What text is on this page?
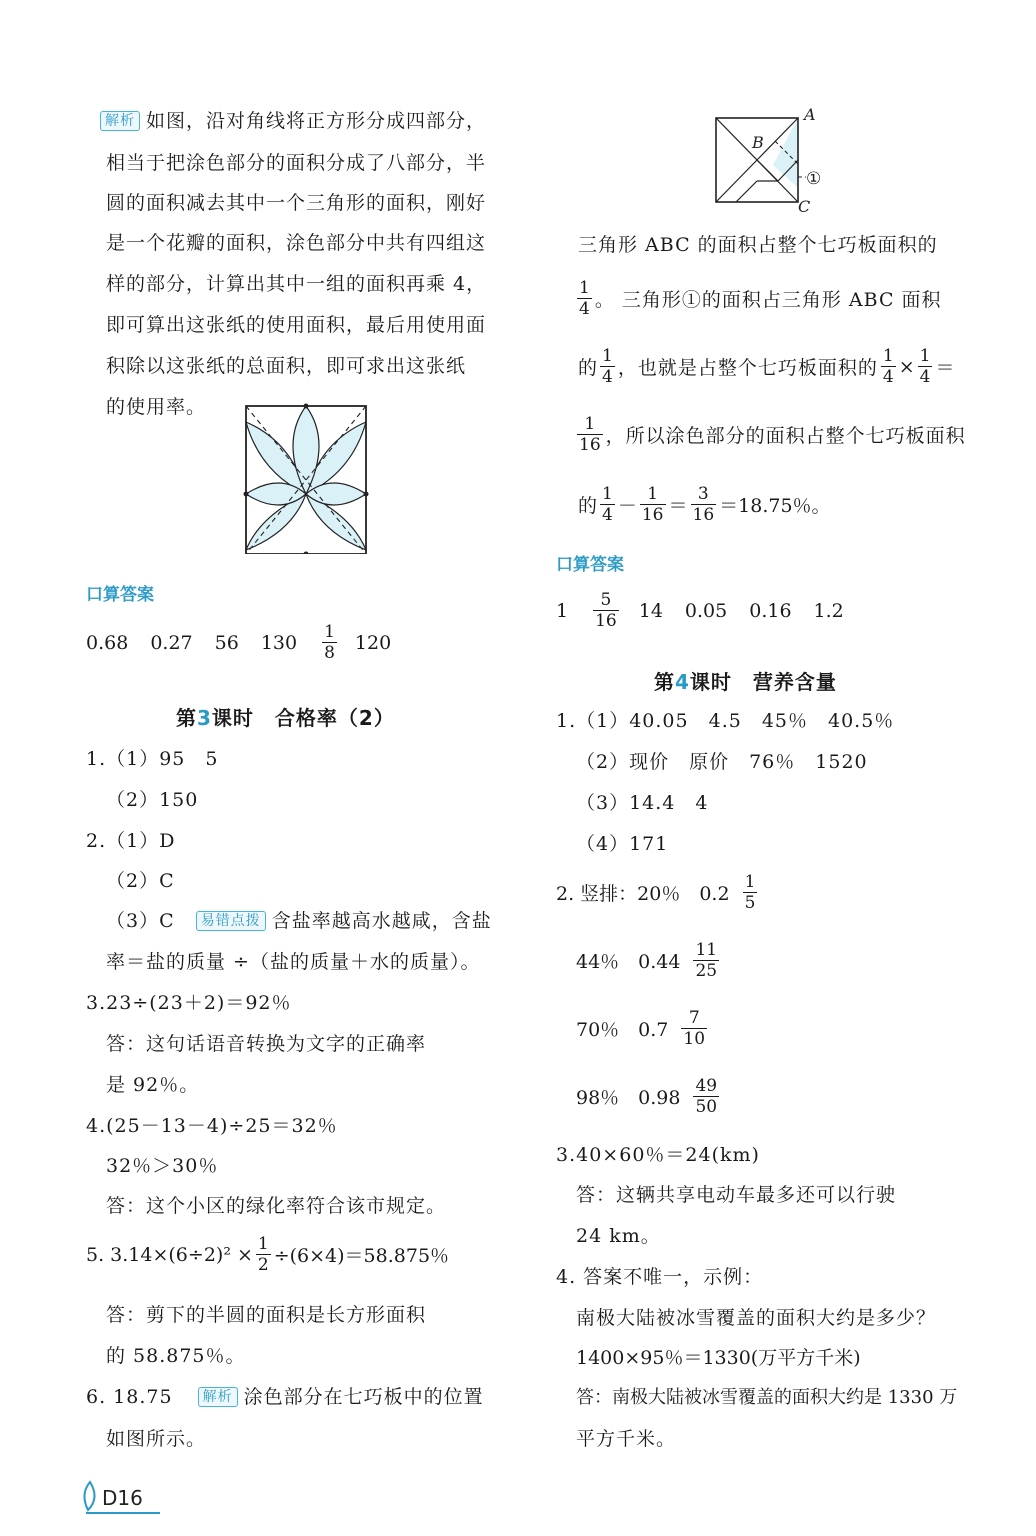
解析 如图，沿对角线将正方形分成四部分，
相当于把涂色部分的面积分成了八部分，半
圆的面积减去其中一个三角形的面积，刚好
是一个花瓣的面积，涂色部分中共有四组这
样的部分，计算出其中一组的面积再乘 4，
即可算出这张纸的使用面积，最后用使用面
积除以这张纸的总面积，即可求出这张纸
的使用率。
口算答案
0.68 0.27 56 $130 \frac{1}{8} 120$
第3课时　合格率（2）
1.（1）95　5
（2）150
2.（1）D
（2）C
（3）C 易错点拨 含盐率越高水越咸，含盐
率＝盐的质量 ÷（盐的质量＋水的质量）。
3.23÷(23＋2)＝92％
答：这句话语音转换为文字的正确率
是 92％。
4.(25－13－4)÷25＝32％
32％＞30％
答：这个小区的绿化率符合该市规定。
5. $3.14\times(6\div 2)^2 \times \frac{1}{2} \div(6\times 4)=58.875$％
答：剪下的半圆的面积是长方形面积
的 58.875％。
6. 18.75 解析 涂色部分在七巧板中的位置
如图所示。
D16
A
B
C
①
三角形 ABC 的面积占整个七巧板面积的
$\frac{1}{4}$ 。 三角形①的面积占三角形 ABC 面积
的 $\frac{1}{4}$ ，也就是占整个七巧板面积的 $\frac{1}{4} \times \frac{1}{4}$ ＝
$\frac{1}{16}$ ，所以涂色部分的面积占整个七巧板面积
的 $\frac{1}{4} - \frac{1}{16} = \frac{3}{16} =18.75$％。
口算答案
$1 \frac{5}{16} 14$ 0.05 0.16 1.2
第4课时　营养含量
1.（1）40.05　4.5　45％　40.5％
（2）现价　原价　76％　1520
（3）14.4　4
（4）171
2. 竖排：20％　$0.2 \frac{1}{5}$
44％　$0.44 \frac{11}{25}$
70％　$0.7 \frac{7}{10}$
98％　$0.98 \frac{49}{50}$
3.40×60％＝24(km)
答：这辆共享电动车最多还可以行驶
24 km。
4. 答案不唯一，示例：
南极大陆被冰雪覆盖的面积大约是多少？
1400×95％＝1330(万平方千米)
答：南极大陆被冰雪覆盖的面积大约是 1330 万
平方千米。
